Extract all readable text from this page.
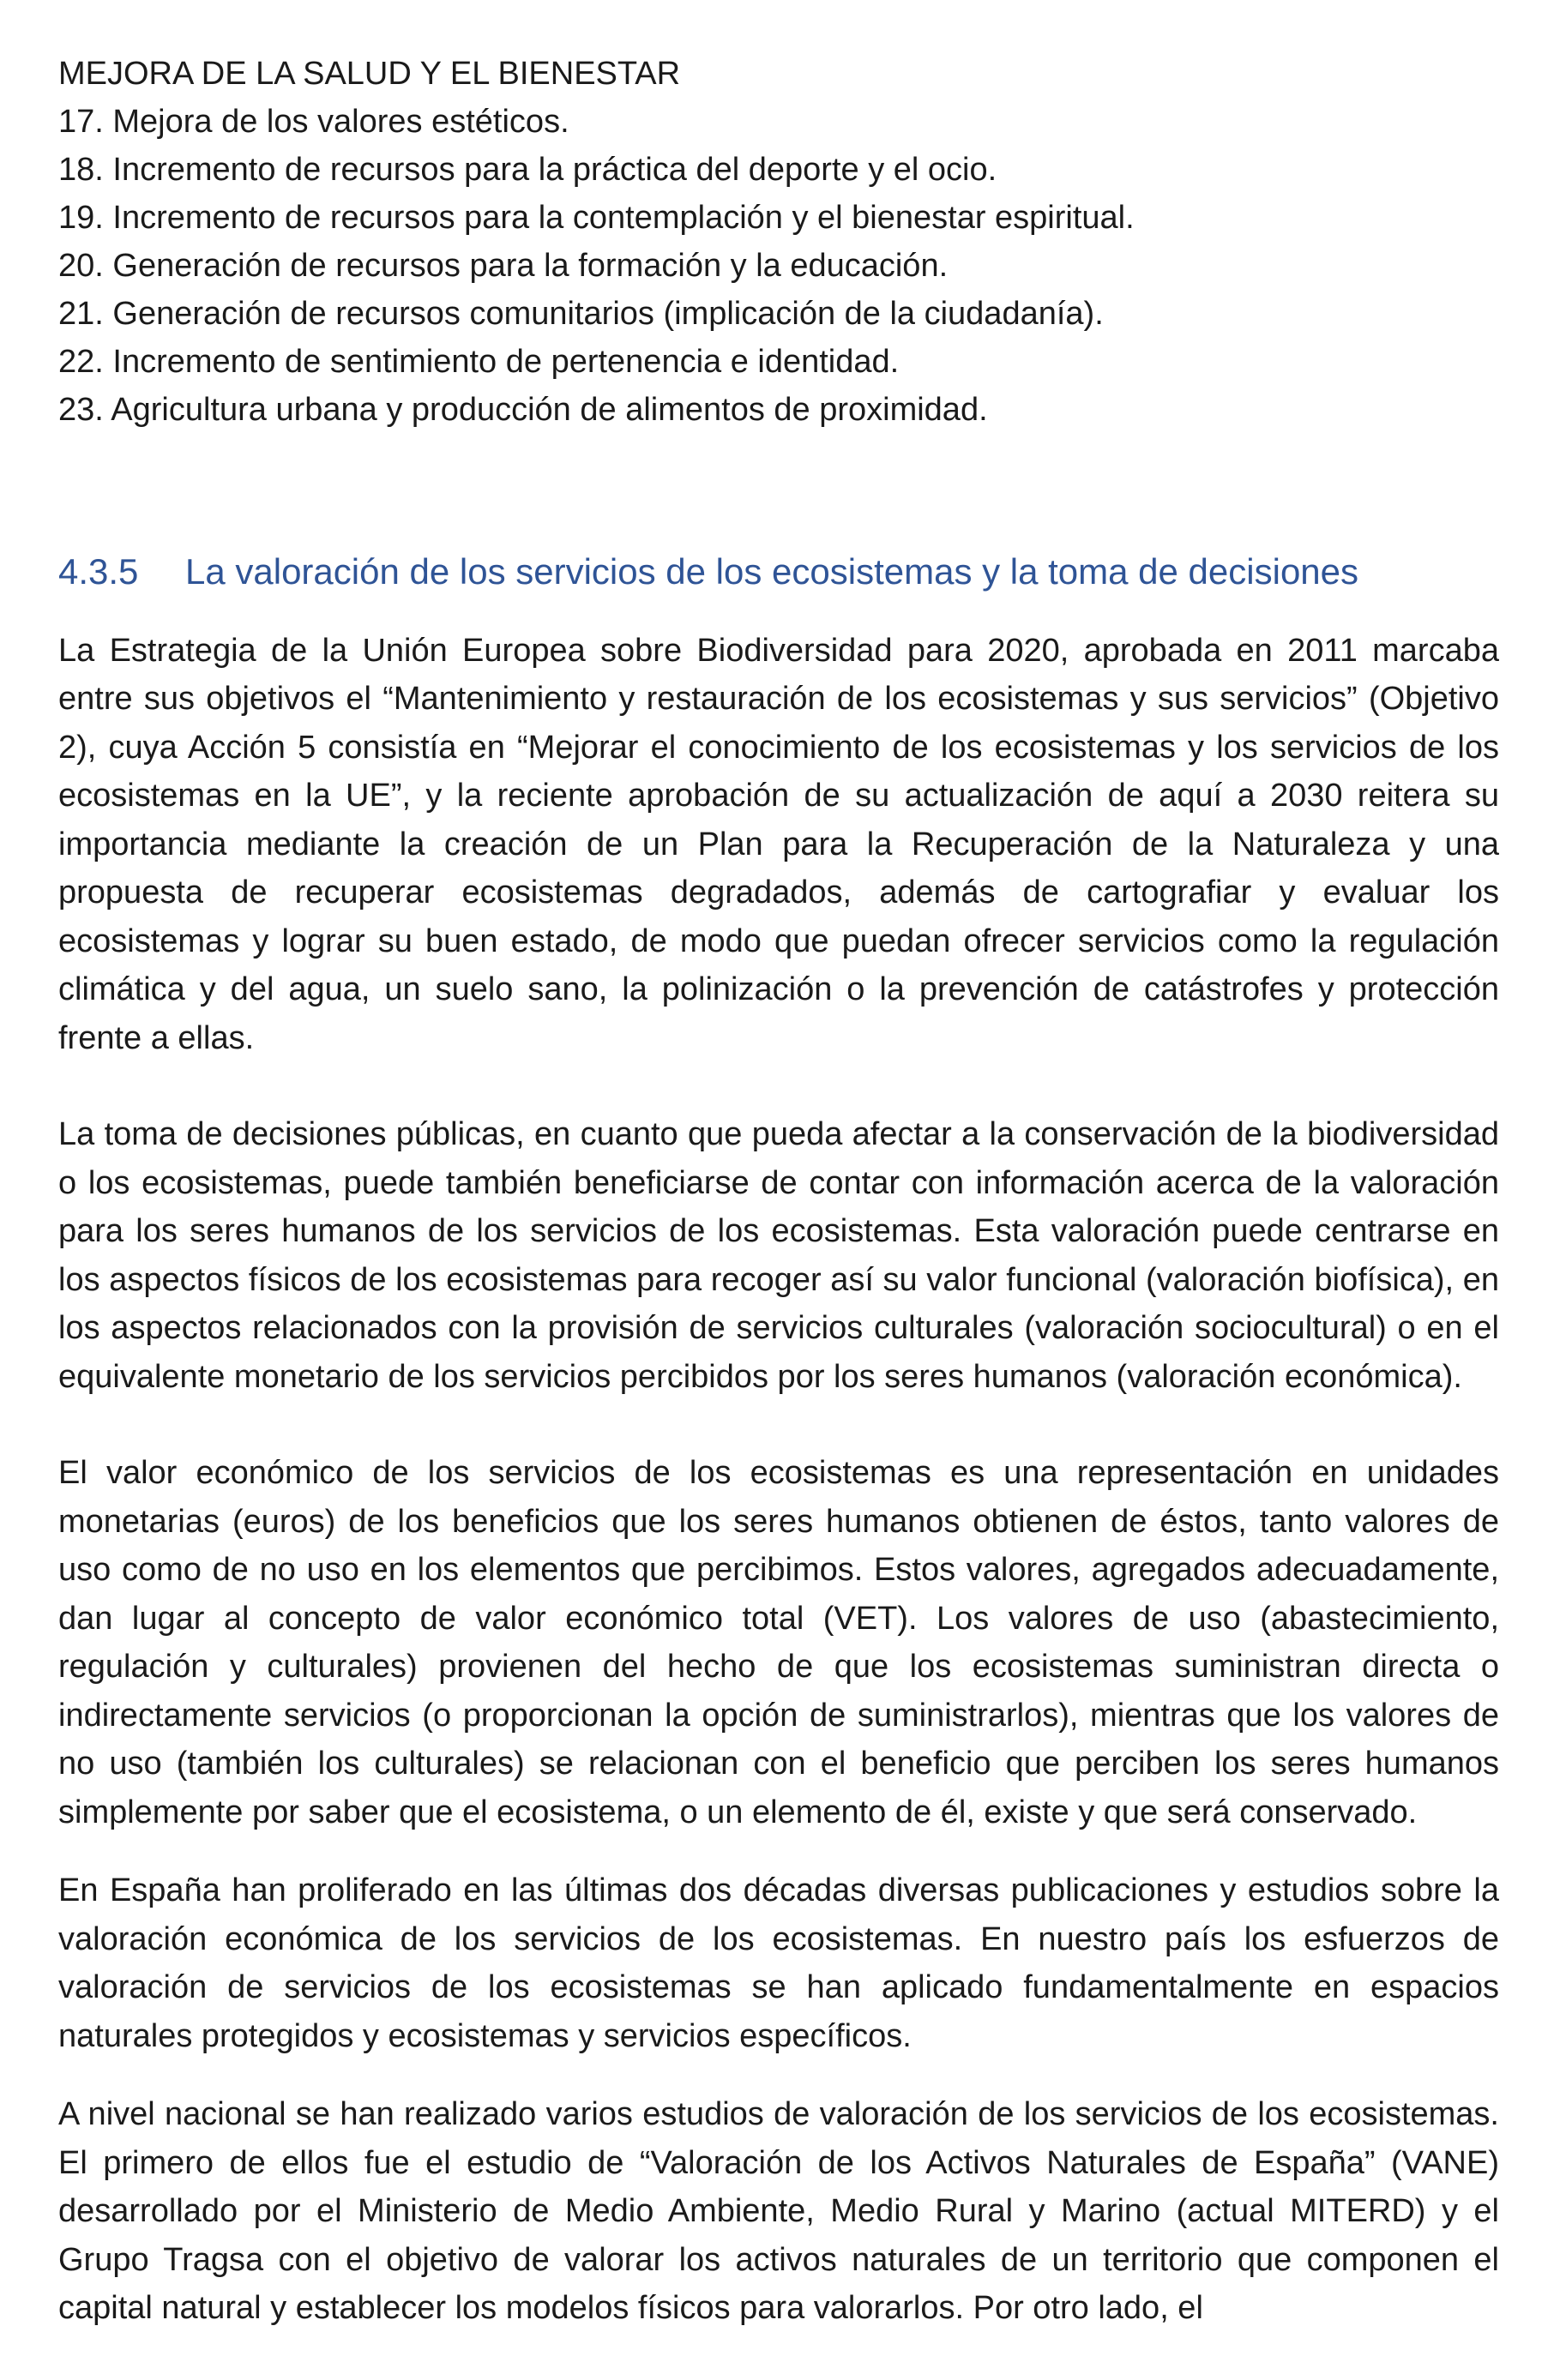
MEJORA DE LA SALUD Y EL BIENESTAR
17. Mejora de los valores estéticos.
18. Incremento de recursos para la práctica del deporte y el ocio.
19. Incremento de recursos para la contemplación y el bienestar espiritual.
20. Generación de recursos para la formación y la educación.
21. Generación de recursos comunitarios (implicación de la ciudadanía).
22. Incremento de sentimiento de pertenencia e identidad.
23. Agricultura urbana y producción de alimentos de proximidad.
4.3.5 La valoración de los servicios de los ecosistemas y la toma de decisiones

La Estrategia de la Unión Europea sobre Biodiversidad para 2020, aprobada en 2011 marcaba entre sus objetivos el “Mantenimiento y restauración de los ecosistemas y sus servicios” (Objetivo 2), cuya Acción 5 consistía en “Mejorar el conocimiento de los ecosistemas y los servicios de los ecosistemas en la UE”, y la reciente aprobación de su actualización de aquí a 2030 reitera su importancia mediante la creación de un Plan para la Recuperación de la Naturaleza y una propuesta de recuperar ecosistemas degradados, además de cartografiar y evaluar los ecosistemas y lograr su buen estado, de modo que puedan ofrecer servicios como la regulación climática y del agua, un suelo sano, la polinización o la prevención de catástrofes y protección frente a ellas.

La toma de decisiones públicas, en cuanto que pueda afectar a la conservación de la biodiversidad o los ecosistemas, puede también beneficiarse de contar con información acerca de la valoración para los seres humanos de los servicios de los ecosistemas. Esta valoración puede centrarse en los aspectos físicos de los ecosistemas para recoger así su valor funcional (valoración biofísica), en los aspectos relacionados con la provisión de servicios culturales (valoración sociocultural) o en el equivalente monetario de los servicios percibidos por los seres humanos (valoración económica).

El valor económico de los servicios de los ecosistemas es una representación en unidades monetarias (euros) de los beneficios que los seres humanos obtienen de éstos, tanto valores de uso como de no uso en los elementos que percibimos. Estos valores, agregados adecuadamente, dan lugar al concepto de valor económico total (VET). Los valores de uso (abastecimiento, regulación y culturales) provienen del hecho de que los ecosistemas suministran directa o indirectamente servicios (o proporcionan la opción de suministrarlos), mientras que los valores de no uso (también los culturales) se relacionan con el beneficio que perciben los seres humanos simplemente por saber que el ecosistema, o un elemento de él, existe y que será conservado.

En España han proliferado en las últimas dos décadas diversas publicaciones y estudios sobre la valoración económica de los servicios de los ecosistemas. En nuestro país los esfuerzos de valoración de servicios de los ecosistemas se han aplicado fundamentalmente en espacios naturales protegidos y ecosistemas y servicios específicos.

A nivel nacional se han realizado varios estudios de valoración de los servicios de los ecosistemas. El primero de ellos fue el estudio de “Valoración de los Activos Naturales de España” (VANE) desarrollado por el Ministerio de Medio Ambiente, Medio Rural y Marino (actual MITERD) y el Grupo Tragsa con el objetivo de valorar los activos naturales de un territorio que componen el capital natural y establecer los modelos físicos para valorarlos. Por otro lado, el
